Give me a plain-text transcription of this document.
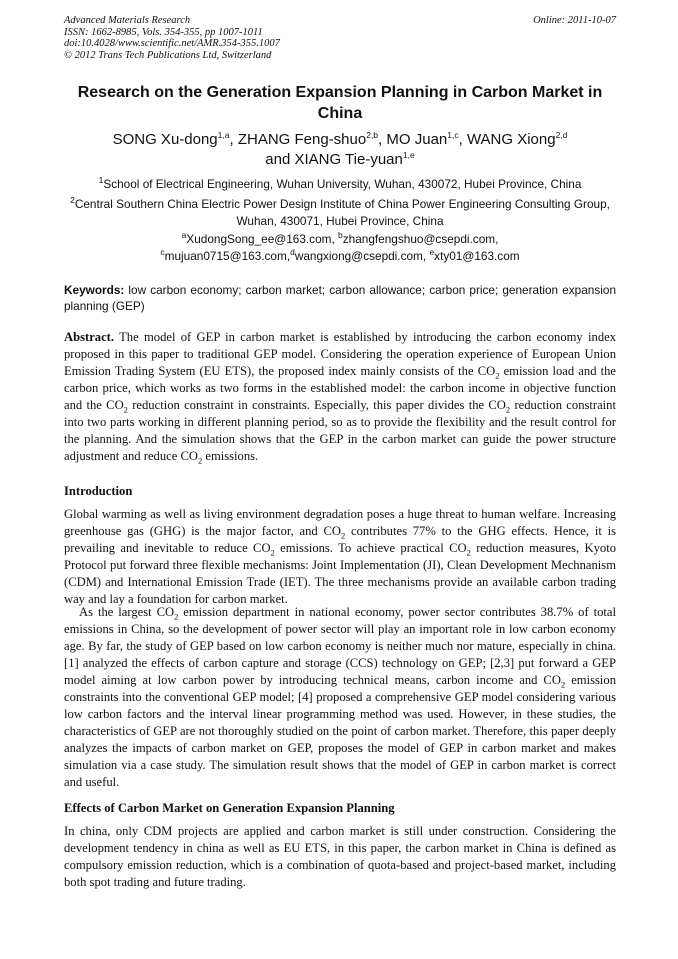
Advanced Materials Research
ISSN: 1662-8985, Vols. 354-355, pp 1007-1011
doi:10.4028/www.scientific.net/AMR.354-355.1007
© 2012 Trans Tech Publications Ltd, Switzerland
Online: 2011-10-07
Research on the Generation Expansion Planning in Carbon Market in China
SONG Xu-dong$^{1,a}$, ZHANG Feng-shuo$^{2,b}$, MO Juan$^{1,c}$, WANG Xiong$^{2,d}$
and XIANG Tie-yuan$^{1,e}$
$^1$School of Electrical Engineering, Wuhan University, Wuhan, 430072, Hubei Province, China
$^2$Central Southern China Electric Power Design Institute of China Power Engineering Consulting Group, Wuhan, 430071, Hubei Province, China
$^a$XudongSong_ee@163.com, $^b$zhangfengshuo@csepdi.com,
$^c$mujuan0715@163.com,$^d$wangxiong@csepdi.com, $^e$xty01@163.com
Keywords: low carbon economy; carbon market; carbon allowance; carbon price; generation expansion planning (GEP)
Abstract. The model of GEP in carbon market is established by introducing the carbon economy index proposed in this paper to traditional GEP model. Considering the operation experience of European Union Emission Trading System (EU ETS), the proposed index mainly consists of the $CO_2$ emission load and the carbon price, which works as two forms in the established model: the carbon income in objective function and the $CO_2$ reduction constraint in constraints. Especially, this paper divides the $CO_2$ reduction constraint into two parts working in different planning period, so as to provide the flexibility and the result control for the planning. And the simulation shows that the GEP in the carbon market can guide the power structure adjustment and reduce $CO_2$ emissions.
Introduction
Global warming as well as living environment degradation poses a huge threat to human welfare. Increasing greenhouse gas (GHG) is the major factor, and $CO_2$ contributes 77% to the GHG effects. Hence, it is prevailing and inevitable to reduce $CO_2$ emissions. To achieve practical $CO_2$ reduction measures, Kyoto Protocol put forward three flexible mechanisms: Joint Implementation (JI), Clean Development Mechnanism (CDM) and International Emission Trade (IET). The three mechanisms provide an available carbon trading way and lay a foundation for carbon market.
As the largest $CO_2$ emission department in national economy, power sector contributes 38.7% of total emissions in China, so the development of power sector will play an important role in low carbon economy age. By far, the study of GEP based on low carbon economy is neither much nor mature, especially in china. [1] analyzed the effects of carbon capture and storage (CCS) technology on GEP; [2,3] put forward a GEP model aiming at low carbon power by introducing technical means, carbon income and $CO_2$ emission constraints into the conventional GEP model; [4] proposed a comprehensive GEP model considering various low carbon factors and the interval linear programming method was used. However, in these studies, the characteristics of GEP are not thoroughly studied on the point of carbon market. Therefore, this paper deeply analyzes the impacts of carbon market on GEP, proposes the model of GEP in carbon market and makes simulation via a case study. The simulation result shows that the model of GEP in carbon market is correct and useful.
Effects of Carbon Market on Generation Expansion Planning
In china, only CDM projects are applied and carbon market is still under construction. Considering the development tendency in china as well as EU ETS, in this paper, the carbon market in China is defined as compulsory emission reduction, which is a combination of quota-based and project-based market, including both spot trading and future trading.
